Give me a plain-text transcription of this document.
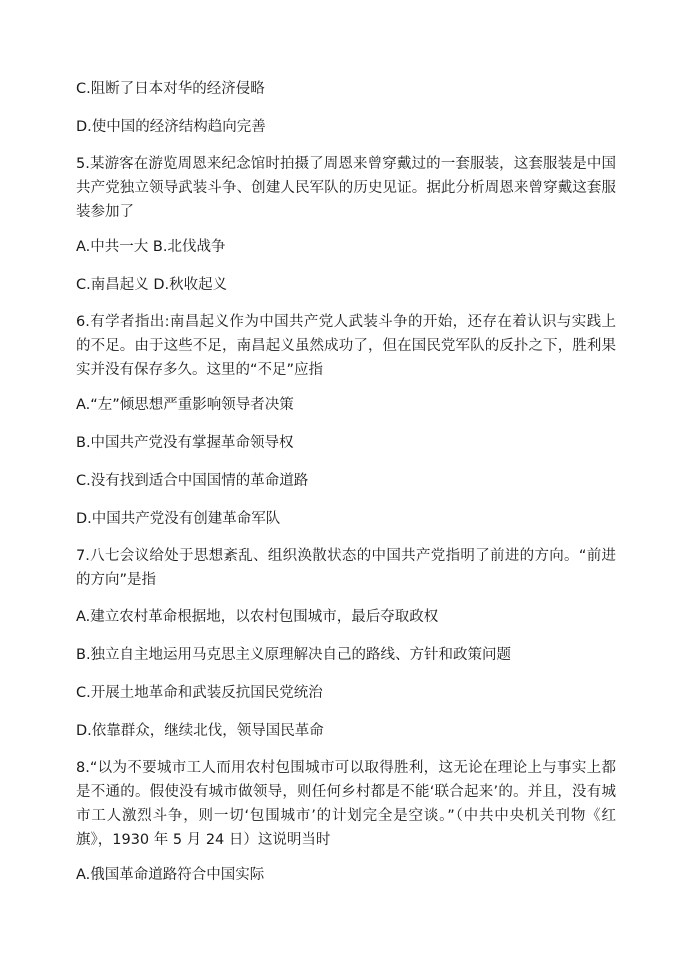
C.阻断了日本对华的经济侵略
D.使中国的经济结构趋向完善
5.某游客在游览周恩来纪念馆时拍摄了周恩来曾穿戴过的一套服装，这套服装是中国共产党独立领导武装斗争、创建人民军队的历史见证。据此分析周恩来曾穿戴这套服装参加了
A.中共一大 B.北伐战争
C.南昌起义 D.秋收起义
6.有学者指出:南昌起义作为中国共产党人武装斗争的开始，还存在着认识与实践上的不足。由于这些不足，南昌起义虽然成功了，但在国民党军队的反扑之下，胜利果实并没有保存多久。这里的“不足”应指
A.“左”倾思想严重影响领导者决策
B.中国共产党没有掌握革命领导权
C.没有找到适合中国国情的革命道路
D.中国共产党没有创建革命军队
7.八七会议给处于思想紊乱、组织涣散状态的中国共产党指明了前进的方向。“前进的方向”是指
A.建立农村革命根据地，以农村包围城市，最后夺取政权
B.独立自主地运用马克思主义原理解决自己的路线、方针和政策问题
C.开展土地革命和武装反抗国民党统治
D.依靠群众，继续北伐，领导国民革命
8.“以为不要城市工人而用农村包围城市可以取得胜利，这无论在理论上与事实上都是不通的。假使没有城市做领导，则任何乡村都是不能‘联合起来’的。并且，没有城市工人激烈斗争，则一切‘包围城市’的计划完全是空谈。”（中共中央机关刊物《红旗》，1930 年 5 月 24 日）这说明当时
A.俄国革命道路符合中国实际
